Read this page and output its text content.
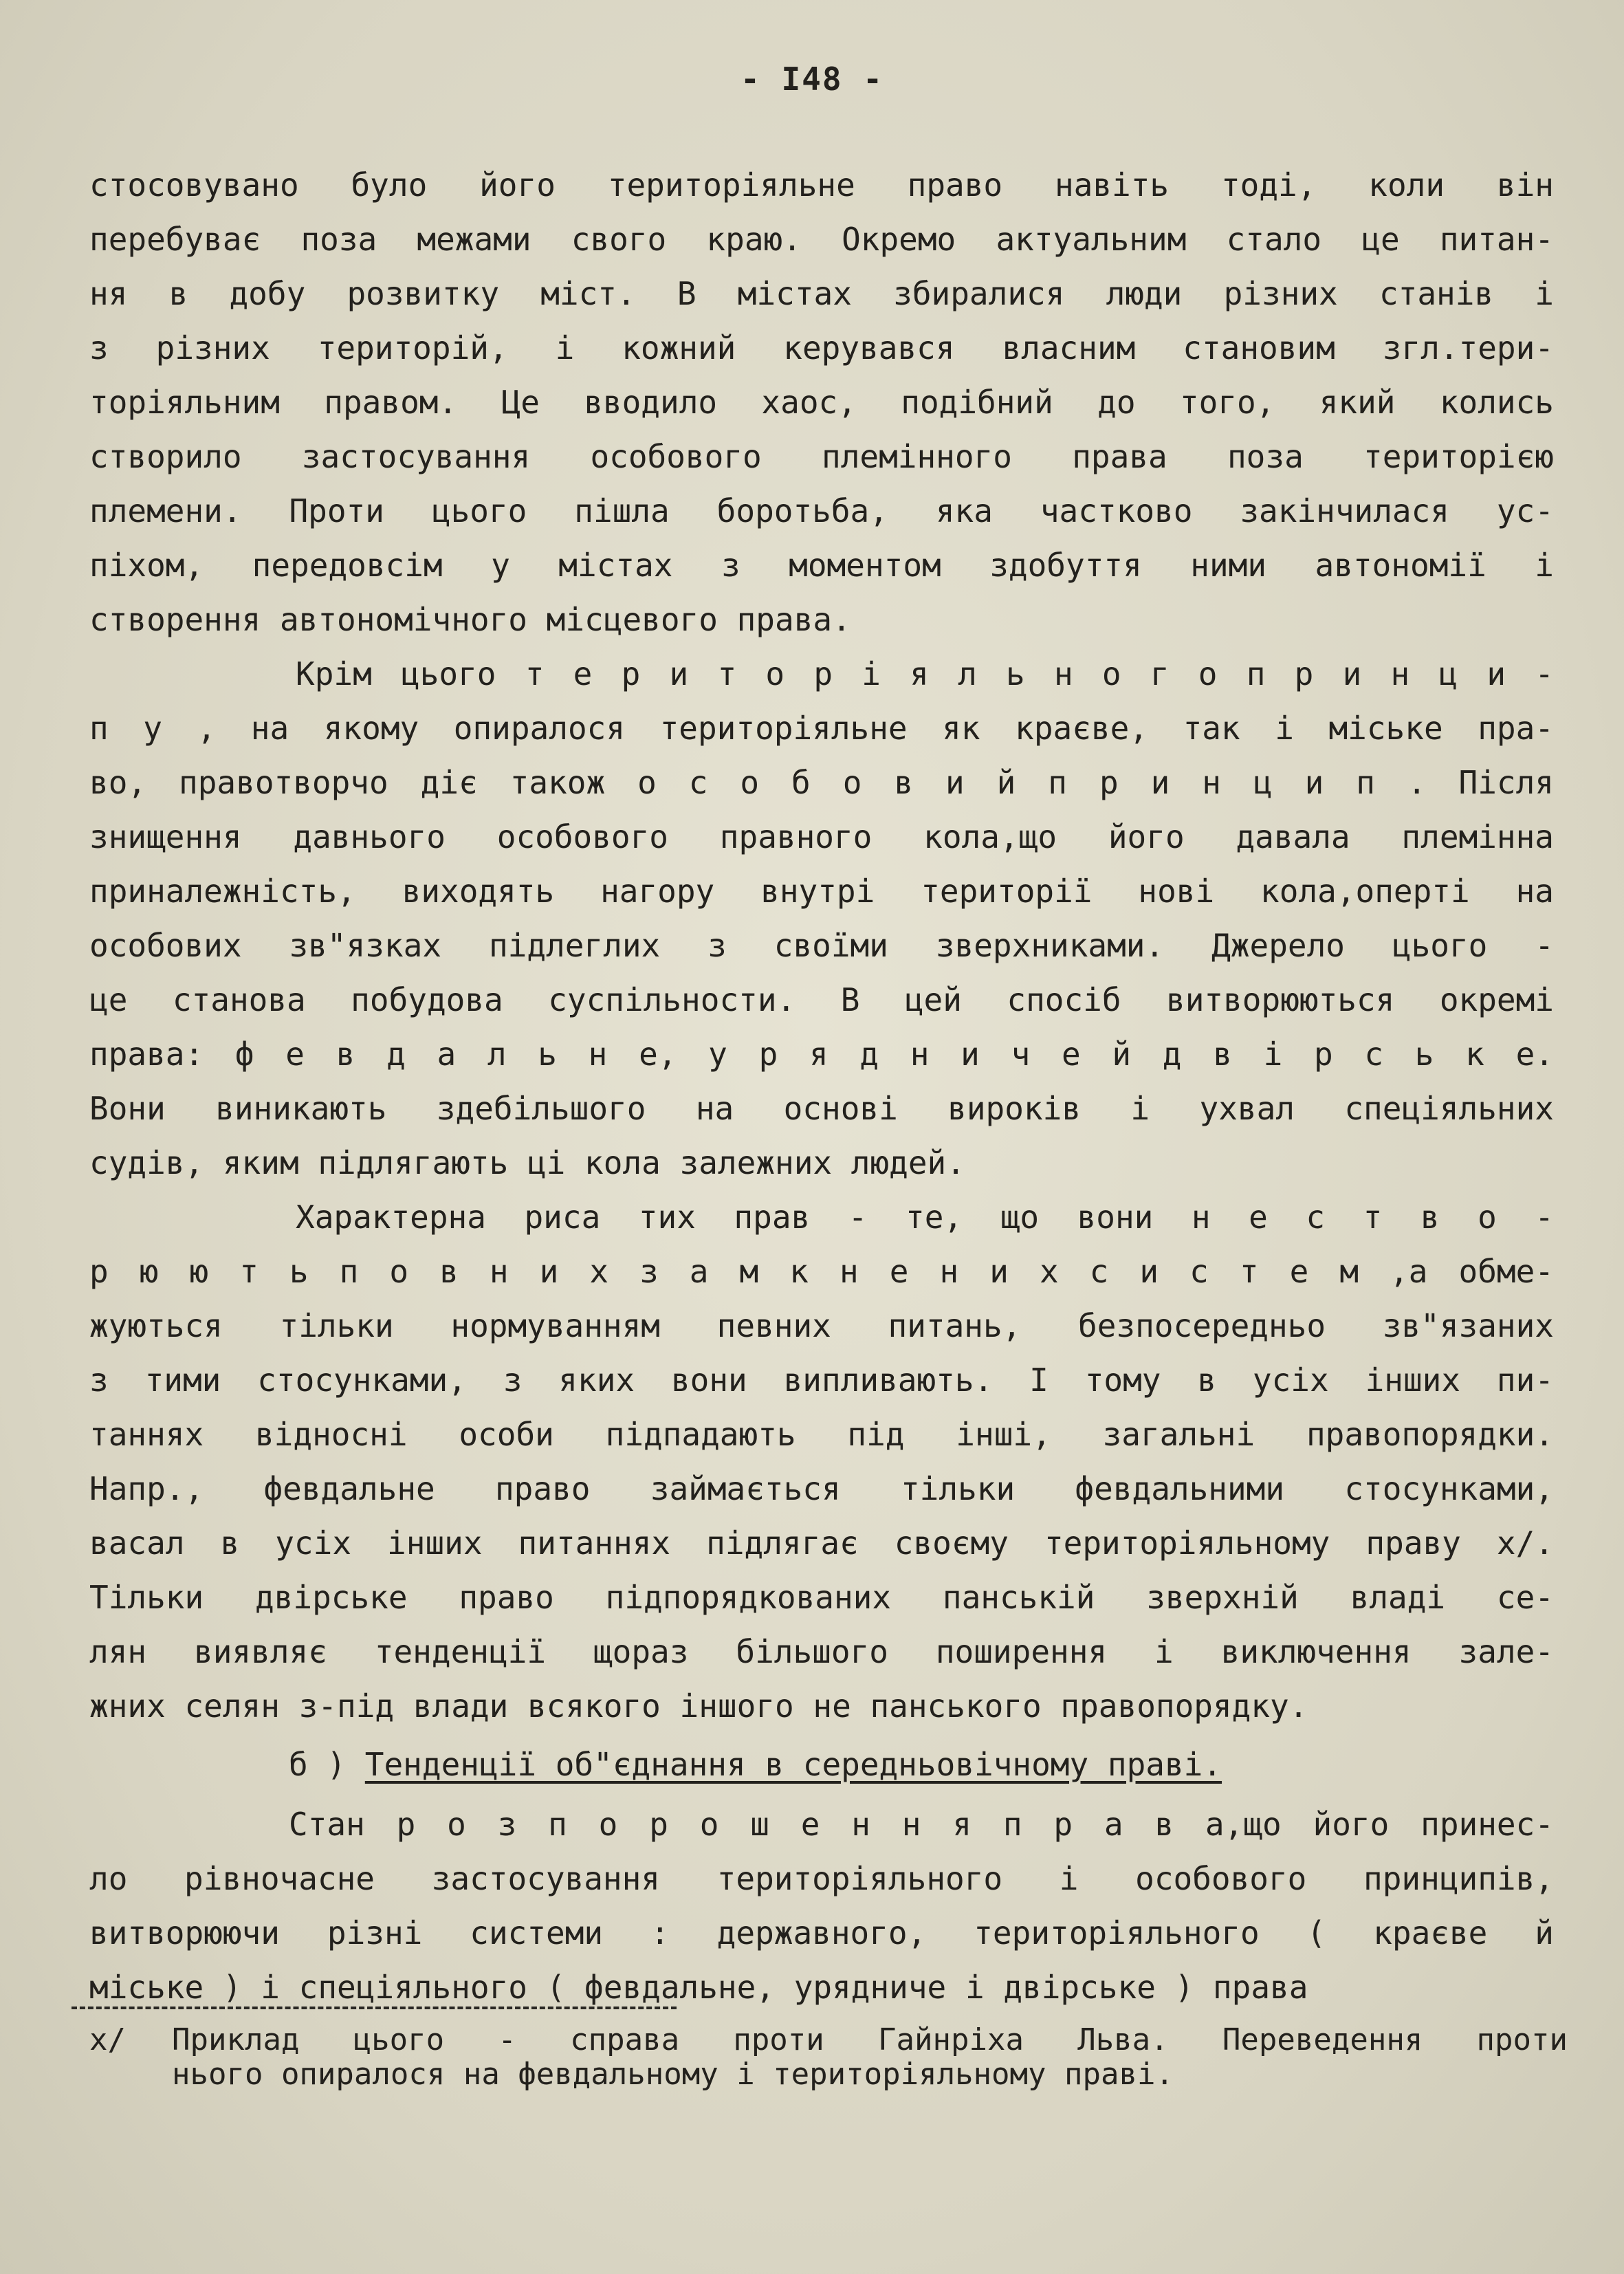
- I48 -
стосовувано було його територіяльне право навіть тоді, коли він
перебуває поза межами свого краю. Окремо актуальним стало це питан-
ня в добу розвитку міст. В містах збиралися люди різних станів і
з різних територій, і кожний керувався власним становим згл.тери-
торіяльним правом. Це вводило хаос, подібний до того, який колись
створило застосування особового племінного права поза територією
племени. Проти цього пішла боротьба, яка частково закінчилася ус-
піхом, передовсім у містах з моментом здобуття ними автономії і
створення автономічного місцевого права.
Крім цього т е р и т о р і я л ь н о г о п р и н ц и -
п у , на якому опиралося територіяльне як краєве, так і міське пра-
во, правотворчо діє також о с о б о в и й п р и н ц и п . Після
знищення давнього особового правного кола,що його давала племінна
приналежність, виходять нагору внутрі території нові кола,оперті на
особових зв"язках підлеглих з своїми зверхниками. Джерело цього -
це станова побудова суспільности. В цей спосіб витворюються окремі
права: ф е в д а л ь н е, у р я д н и ч е й д в і р с ь к е.
Вони виникають здебільшого на основі вироків і ухвал спеціяльних
судів, яким підлягають ці кола залежних людей.
Характерна риса тих прав - те, що вони н е с т в о -
р ю ю т ь п о в н и х з а м к н е н и х с и с т е м ,а обме-
жуються тільки нормуванням певних питань, безпосередньо зв"язаних
з тими стосунками, з яких вони випливають. І тому в усіх інших пи-
таннях відносні особи підпадають під інші, загальні правопорядки.
Напр., февдальне право займається тільки февдальними стосунками,
васал в усіх інших питаннях підлягає своєму територіяльному праву x/.
Тільки двірське право підпорядкованих панській зверхній владі се-
лян виявляє тенденції щораз більшого поширення і виключення зале-
жних селян з-під влади всякого іншого не панського правопорядку.
б ) Тенденції об"єднання в середньовічному праві.
Стан р о з п о р о ш е н н я п р а в а,що його принес-
ло рівночасне застосування територіяльного і особового принципів,
витворюючи різні системи : державного, територіяльного ( краєве й
міське ) і спеціяльного ( февдальне, урядниче і двірське ) права
x/	Приклад цього - справа проти Гайнріха Льва. Переведення проти
нього опиралося на февдальному і територіяльному праві.
